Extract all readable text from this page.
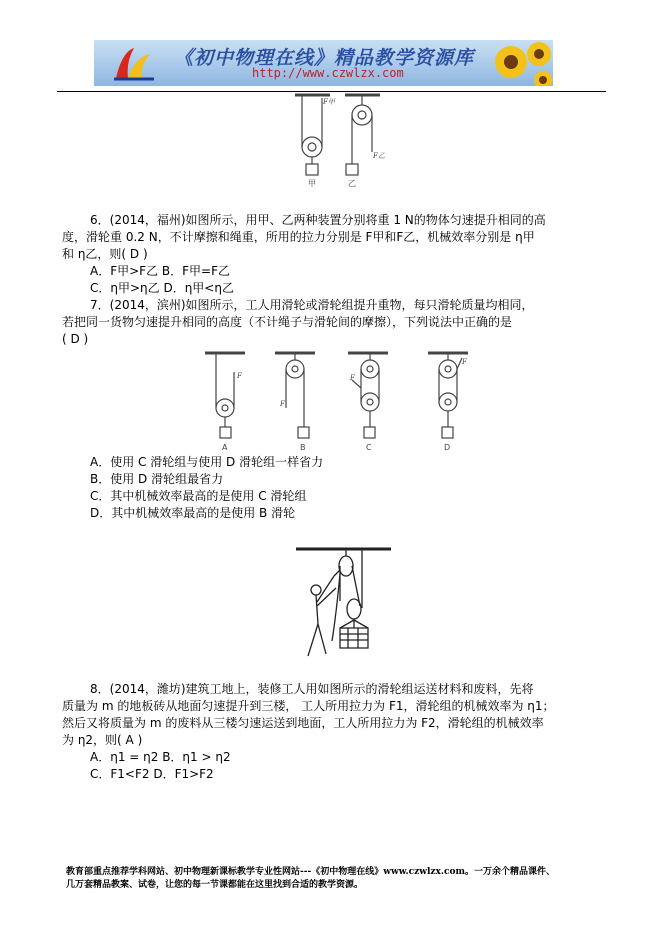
《初中物理在线》精品教学资源库
http://www.czwlzx.com
F甲
F乙
甲	乙
6．(2014，福州)如图所示，用甲、乙两种装置分别将重 1 N的物体匀速提升相同的高
度，滑轮重 0.2 N，不计摩擦和绳重，所用的拉力分别是 F甲和F乙，机械效率分别是 η甲
和 η乙，则( D )
A．F甲>F乙 B．F甲=F乙
C．η甲>η乙 D．η甲<η乙
7．(2014，滨州)如图所示，工人用滑轮或滑轮组提升重物，每只滑轮质量均相同，
若把同一货物匀速提升相同的高度（不计绳子与滑轮间的摩擦），下列说法中正确的是
( D )
F
F
F
F
A	B	C	D
A．使用 C 滑轮组与使用 D 滑轮组一样省力
B．使用 D 滑轮组最省力
C．其中机械效率最高的是使用 C 滑轮组
D．其中机械效率最高的是使用 B 滑轮
8．(2014，潍坊)建筑工地上，装修工人用如图所示的滑轮组运送材料和废料，先将
质量为 m 的地板砖从地面匀速提升到三楼， 工人所用拉力为 F1，滑轮组的机械效率为 η1；
然后又将质量为 m 的废料从三楼匀速运送到地面，工人所用拉力为 F2，滑轮组的机械效率
为 η2，则( A )
A．η1 = η2 B．η1 > η2
C．F1<F2 D．F1>F2
教育部重点推荐学科网站、初中物理新课标教学专业性网站---《初中物理在线》www.czwlzx.com。一万余个精品课件、
几万套精品教案、试卷，让您的每一节课都能在这里找到合适的教学资源。
